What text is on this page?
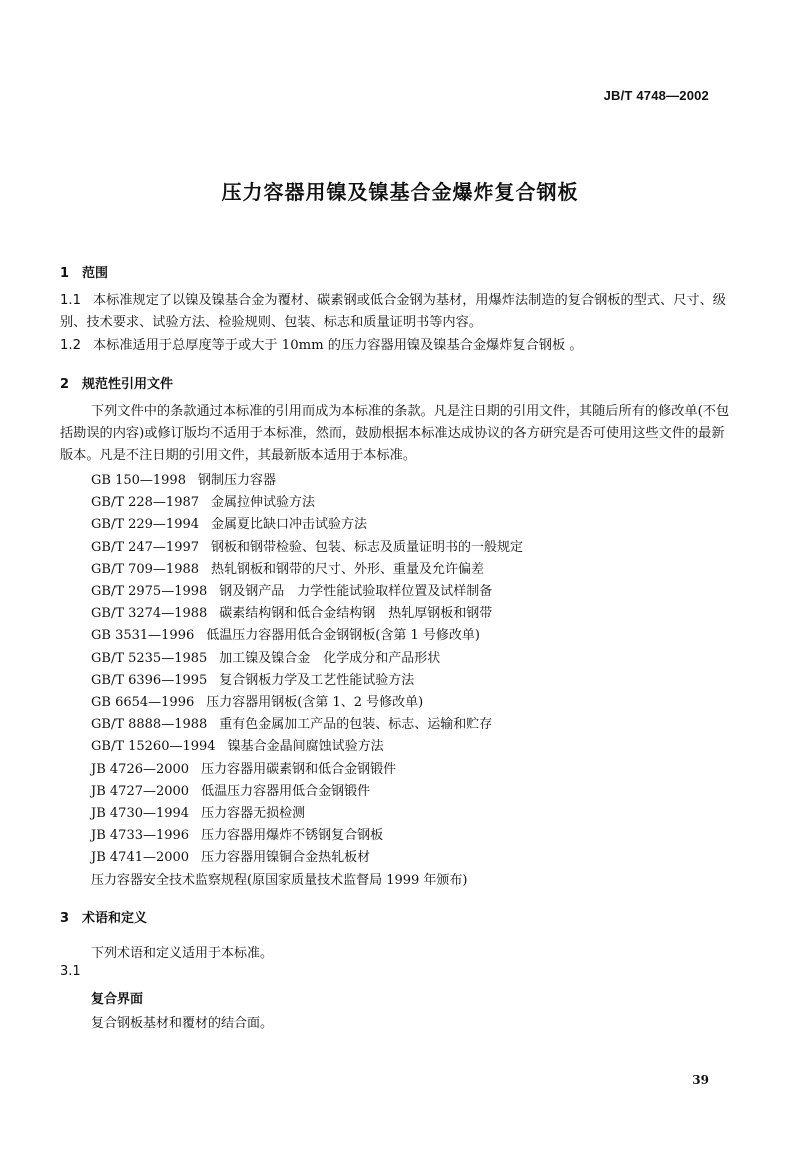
JB/T 4748—2002
压力容器用镍及镍基合金爆炸复合钢板
1 范围
1.1 本标准规定了以镍及镍基合金为覆材、碳素钢或低合金钢为基材，用爆炸法制造的复合钢板的型式、尺寸、级别、技术要求、试验方法、检验规则、包装、标志和质量证明书等内容。
1.2 本标准适用于总厚度等于或大于 10mm 的压力容器用镍及镍基合金爆炸复合钢板 。
2 规范性引用文件
下列文件中的条款通过本标准的引用而成为本标准的条款。凡是注日期的引用文件，其随后所有的修改单(不包括勘误的内容)或修订版均不适用于本标准，然而，鼓励根据本标准达成协议的各方研究是否可使用这些文件的最新版本。凡是不注日期的引用文件，其最新版本适用于本标准。
GB 150—1998 钢制压力容器
GB/T 228—1987 金属拉伸试验方法
GB/T 229—1994 金属夏比缺口冲击试验方法
GB/T 247—1997 钢板和钢带检验、包装、标志及质量证明书的一般规定
GB/T 709—1988 热轧钢板和钢带的尺寸、外形、重量及允许偏差
GB/T 2975—1998 钢及钢产品　力学性能试验取样位置及试样制备
GB/T 3274—1988 碳素结构钢和低合金结构钢　热轧厚钢板和钢带
GB 3531—1996 低温压力容器用低合金钢钢板(含第 1 号修改单)
GB/T 5235—1985 加工镍及镍合金　化学成分和产品形状
GB/T 6396—1995 复合钢板力学及工艺性能试验方法
GB 6654—1996 压力容器用钢板(含第 1、2 号修改单)
GB/T 8888—1988 重有色金属加工产品的包装、标志、运输和贮存
GB/T 15260—1994 镍基合金晶间腐蚀试验方法
JB 4726—2000 压力容器用碳素钢和低合金钢锻件
JB 4727—2000 低温压力容器用低合金钢锻件
JB 4730—1994 压力容器无损检测
JB 4733—1996 压力容器用爆炸不锈钢复合钢板
JB 4741—2000 压力容器用镍铜合金热轧板材
压力容器安全技术监察规程(原国家质量技术监督局 1999 年颁布)
3 术语和定义
下列术语和定义适用于本标准。
3.1
复合界面
复合钢板基材和覆材的结合面。
39
